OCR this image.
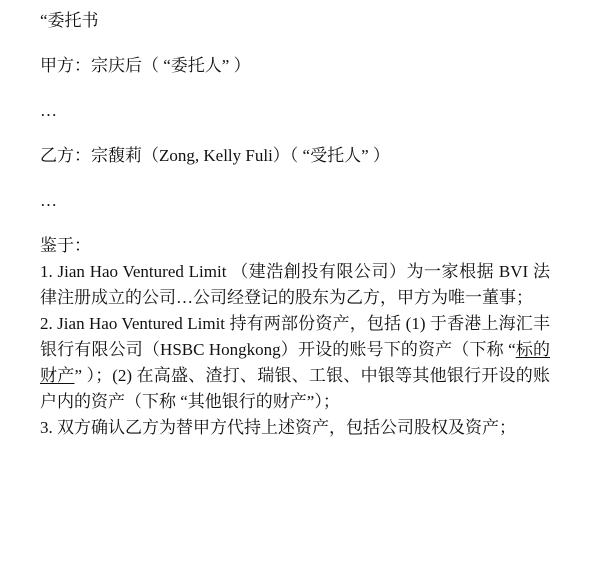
“委托书

甲方：宗庆后（ “委托人” ）

…

乙方：宗馥莉（Zong, Kelly Fuli）（ “受托人” ）

…

鉴于：

1. Jian Hao Ventured Limit （建浩創投有限公司）为一家根据 BVI 法律注册成立的公司…公司经登记的股东为乙方，甲方为唯一董事；

2. Jian Hao Ventured Limit 持有两部份资产，包括 (1) 于香港上海汇丰银行有限公司（HSBC Hongkong）开设的账号下的资产（下称 “标的财产” ）；(2) 在高盛、渣打、瑞银、工银、中银等其他银行开设的账户内的资产（下称 “其他银行的财产”）；

3. 双方确认乙方为替甲方代持上述资产，包括公司股权及资产；
